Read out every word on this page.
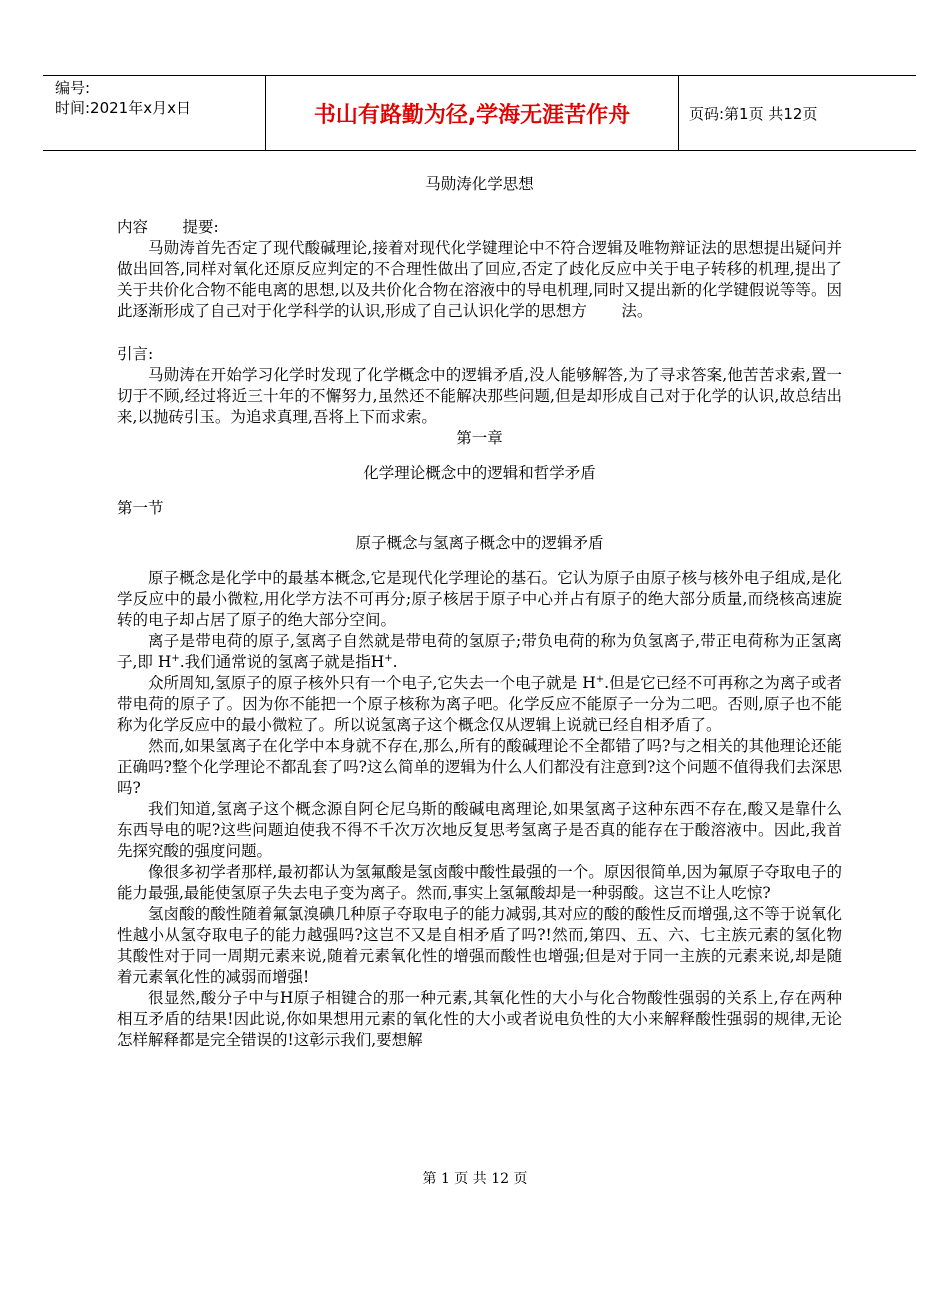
编号:
时间:2021年x月x日	书山有路勤为径,学海无涯苦作舟	页码:第1页 共12页

马勋涛化学思想

内容       提要:

马勋涛首先否定了现代酸碱理论,接着对现代化学键理论中不符合逻辑及唯物辩证法的思想提出疑问并做出回答,同样对氧化还原反应判定的不合理性做出了回应,否定了歧化反应中关于电子转移的机理,提出了关于共价化合物不能电离的思想,以及共价化合物在溶液中的导电机理,同时又提出新的化学键假说等等。因此逐渐形成了自己对于化学科学的认识,形成了自己认识化学的思想方       法。

引言:

马勋涛在开始学习化学时发现了化学概念中的逻辑矛盾,没人能够解答,为了寻求答案,他苦苦求索,置一切于不顾,经过将近三十年的不懈努力,虽然还不能解决那些问题,但是却形成自己对于化学的认识,故总结出来,以抛砖引玉。为追求真理,吾将上下而求索。

第一章

化学理论概念中的逻辑和哲学矛盾

第一节

原子概念与氢离子概念中的逻辑矛盾

原子概念是化学中的最基本概念,它是现代化学理论的基石。它认为原子由原子核与核外电子组成,是化学反应中的最小微粒,用化学方法不可再分;原子核居于原子中心并占有原子的绝大部分质量,而绕核高速旋转的电子却占居了原子的绝大部分空间。

离子是带电荷的原子,氢离子自然就是带电荷的氢原子;带负电荷的称为负氢离子,带正电荷称为正氢离子,即 H+.我们通常说的氢离子就是指H+.

众所周知,氢原子的原子核外只有一个电子,它失去一个电子就是 H+.但是它已经不可再称之为离子或者带电荷的原子了。因为你不能把一个原子核称为离子吧。化学反应不能原子一分为二吧。否则,原子也不能称为化学反应中的最小微粒了。所以说氢离子这个概念仅从逻辑上说就已经自相矛盾了。

然而,如果氢离子在化学中本身就不存在,那么,所有的酸碱理论不全都错了吗?与之相关的其他理论还能正确吗?整个化学理论不都乱套了吗?这么简单的逻辑为什么人们都没有注意到?这个问题不值得我们去深思吗?

我们知道,氢离子这个概念源自阿仑尼乌斯的酸碱电离理论,如果氢离子这种东西不存在,酸又是靠什么东西导电的呢?这些问题迫使我不得不千次万次地反复思考氢离子是否真的能存在于酸溶液中。因此,我首先探究酸的强度问题。

像很多初学者那样,最初都认为氢氟酸是氢卤酸中酸性最强的一个。原因很简单,因为氟原子夺取电子的能力最强,最能使氢原子失去电子变为离子。然而,事实上氢氟酸却是一种弱酸。这岂不让人吃惊?

氢卤酸的酸性随着氟氯溴碘几种原子夺取电子的能力减弱,其对应的酸的酸性反而增强,这不等于说氧化性越小从氢夺取电子的能力越强吗?这岂不又是自相矛盾了吗?!然而,第四、五、六、七主族元素的氢化物其酸性对于同一周期元素来说,随着元素氧化性的增强而酸性也增强;但是对于同一主族的元素来说,却是随着元素氧化性的减弱而增强!

很显然,酸分子中与H原子相键合的那一种元素,其氧化性的大小与化合物酸性强弱的关系上,存在两种相互矛盾的结果!因此说,你如果想用元素的氧化性的大小或者说电负性的大小来解释酸性强弱的规律,无论怎样解释都是完全错误的!这彰示我们,要想解

第 1 页 共 12 页
